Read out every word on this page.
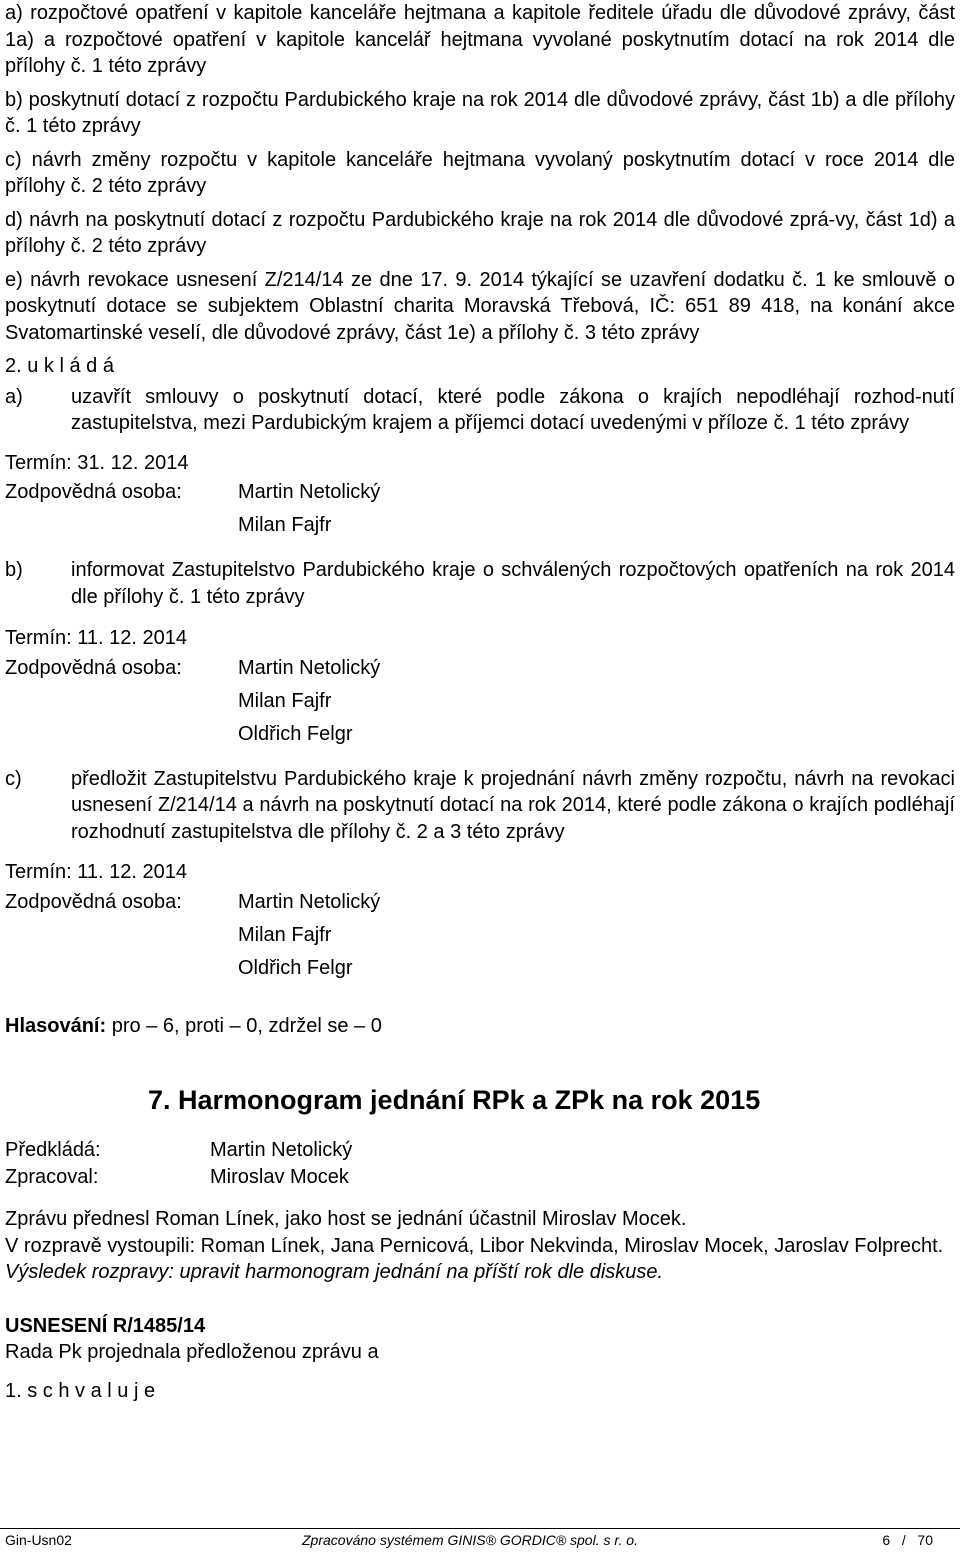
a) rozpočtové opatření v kapitole kanceláře hejtmana a kapitole ředitele úřadu dle důvodové zprávy, část 1a) a rozpočtové opatření v kapitole kancelář hejtmana vyvolané poskytnutím dotací na rok 2014 dle přílohy č. 1 této zprávy

b) poskytnutí dotací z rozpočtu Pardubického kraje na rok 2014 dle důvodové zprávy, část 1b) a dle přílohy č. 1 této zprávy

c) návrh změny rozpočtu v kapitole kanceláře hejtmana vyvolaný poskytnutím dotací v roce 2014 dle přílohy č. 2 této zprávy

d) návrh na poskytnutí dotací z rozpočtu Pardubického kraje na rok 2014 dle důvodové zprá-vy, část 1d) a přílohy č. 2 této zprávy

e) návrh revokace usnesení Z/214/14 ze dne 17. 9. 2014 týkající se uzavření dodatku č. 1 ke smlouvě o poskytnutí dotace se subjektem Oblastní charita Moravská Třebová, IČ: 651 89 418, na konání akce Svatomartinské veselí, dle důvodové zprávy, část 1e) a přílohy č. 3 této zprávy

2. u k l á d á

a)	uzavřít smlouvy o poskytnutí dotací, které podle zákona o krajích nepodléhají rozhod-nutí zastupitelstva, mezi Pardubickým krajem a příjemci dotací uvedenými v příloze č. 1 této zprávy
Termín: 31. 12. 2014
Zodpovědná osoba:	Martin Netolický
Milan Fajfr
b)	informovat Zastupitelstvo Pardubického kraje o schválených rozpočtových opatřeních na rok 2014 dle přílohy č. 1 této zprávy
Termín: 11. 12. 2014
Zodpovědná osoba:	Martin Netolický
Milan Fajfr
Oldřich Felgr
c)	předložit Zastupitelstvu Pardubického kraje k projednání návrh změny rozpočtu, návrh na revokaci usnesení Z/214/14 a návrh na poskytnutí dotací na rok 2014, které podle zákona o krajích podléhají rozhodnutí zastupitelstva dle přílohy č. 2 a 3 této zprávy
Termín: 11. 12. 2014
Zodpovědná osoba:	Martin Netolický
Milan Fajfr
Oldřich Felgr

Hlasování: pro – 6, proti – 0, zdržel se – 0

7. Harmonogram jednání RPk a ZPk na rok 2015
Předkládá:	Martin Netolický
Zpracoval:	Miroslav Mocek

Zprávu přednesl Roman Línek, jako host se jednání účastnil Miroslav Mocek.

V rozpravě vystoupili: Roman Línek, Jana Pernicová, Libor Nekvinda, Miroslav Mocek, Jaroslav Folprecht.

Výsledek rozpravy: upravit harmonogram jednání na příští rok dle diskuse.

USNESENÍ R/1485/14

Rada Pk projednala předloženou zprávu a

1. s c h v a l u j e

Gin-Usn02	Zpracováno systémem GINIS® GORDIC® spol. s r. o.	6 / 70
